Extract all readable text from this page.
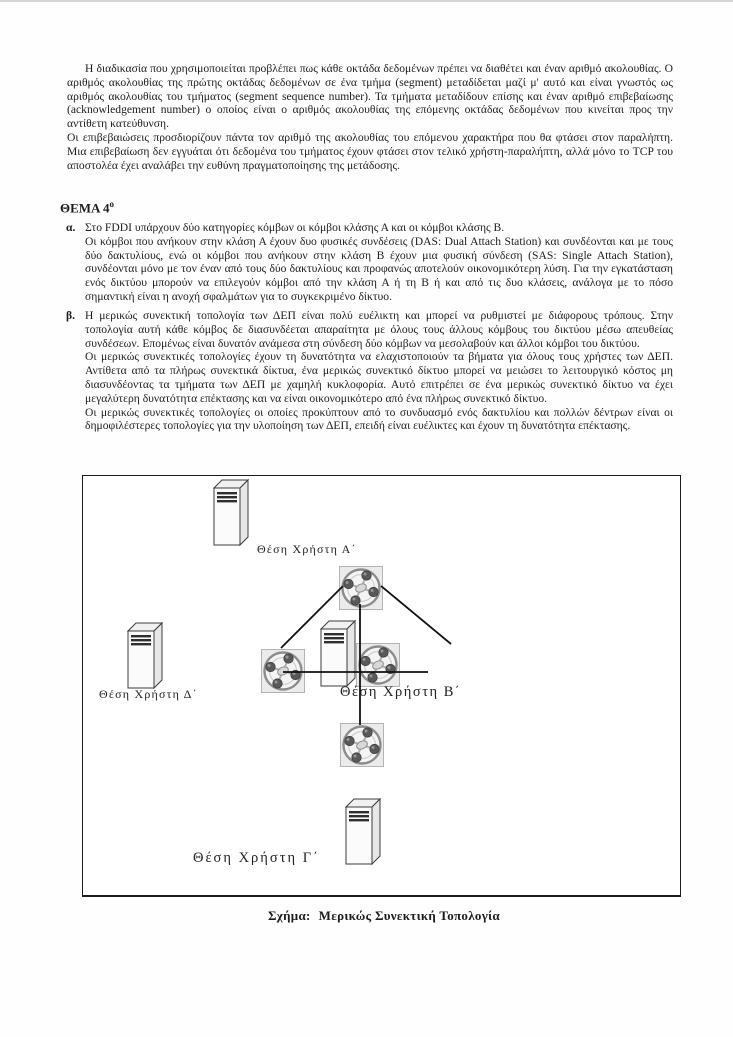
Η διαδικασία που χρησιμοποιείται προβλέπει πως κάθε οκτάδα δεδομένων πρέπει να διαθέτει και έναν αριθμό ακολουθίας. Ο αριθμός ακολουθίας της πρώτης οκτάδας δεδομένων σε ένα τμήμα (segment) μεταδίδεται μαζί μ' αυτό και είναι γνωστός ως αριθμός ακολουθίας του τμήματος (segment sequence number). Τα τμήματα μεταδίδουν επίσης και έναν αριθμό επιβεβαίωσης (acknowledgement number) ο οποίος είναι ο αριθμός ακολουθίας της επόμενης οκτάδας δεδομένων που κινείται προς την αντίθετη κατεύθυνση.
Οι επιβεβαιώσεις προσδιορίζουν πάντα τον αριθμό της ακολουθίας του επόμενου χαρακτήρα που θα φτάσει στον παραλήπτη. Μια επιβεβαίωση δεν εγγυάται ότι δεδομένα του τμήματος έχουν φτάσει στον τελικό χρήστη-παραλήπτη, αλλά μόνο το TCP του αποστολέα έχει αναλάβει την ευθύνη πραγματοποίησης της μετάδοσης.
ΘΕΜΑ $4^o$
α. Στο FDDI υπάρχουν δύο κατηγορίες κόμβων οι κόμβοι κλάσης Α και οι κόμβοι κλάσης Β.
Οι κόμβοι που ανήκουν στην κλάση Α έχουν δυο φυσικές συνδέσεις (DAS: Dual Attach Station) και συνδέονται και με τους δύο δακτυλίους, ενώ οι κόμβοι που ανήκουν στην κλάση Β έχουν μια φυσική σύνδεση (SAS: Single Attach Station), συνδέονται μόνο με τον έναν από τους δύο δακτυλίους και προφανώς αποτελούν οικονομικότερη λύση. Για την εγκατάσταση ενός δικτύου μπορούν να επιλεγούν κόμβοι από την κλάση Α ή τη Β ή και από τις δυο κλάσεις, ανάλογα με το πόσο σημαντική είναι η ανοχή σφαλμάτων για το συγκεκριμένο δίκτυο.
β. Η μερικώς συνεκτική τοπολογία των ΔΕΠ είναι πολύ ευέλικτη και μπορεί να ρυθμιστεί με διάφορους τρόπους. Στην τοπολογία αυτή κάθε κόμβος δε διασυνδέεται απαραίτητα με όλους τους άλλους κόμβους του δικτύου μέσω απευθείας συνδέσεων. Επομένως είναι δυνατόν ανάμεσα στη σύνδεση δύο κόμβων να μεσολαβούν και άλλοι κόμβοι του δικτύου.
Οι μερικώς συνεκτικές τοπολογίες έχουν τη δυνατότητα να ελαχιστοποιούν τα βήματα για όλους τους χρήστες των ΔΕΠ. Αντίθετα από τα πλήρως συνεκτικά δίκτυα, ένα μερικώς συνεκτικό δίκτυο μπορεί να μειώσει το λειτουργικό κόστος μη διασυνδέοντας τα τμήματα των ΔΕΠ με χαμηλή κυκλοφορία. Αυτό επιτρέπει σε ένα μερικώς συνεκτικό δίκτυο να έχει μεγαλύτερη δυνατότητα επέκτασης και να είναι οικονομικότερο από ένα πλήρως συνεκτικό δίκτυο.
Οι μερικώς συνεκτικές τοπολογίες οι οποίες προκύπτουν από το συνδυασμό ενός δακτυλίου και πολλών δέντρων είναι οι δημοφιλέστερες τοπολογίες για την υλοποίηση των ΔΕΠ, επειδή είναι ευέλικτες και έχουν τη δυνατότητα επέκτασης.
Θέση Χρήστη Α΄
Θέση Χρήστη Δ΄	Θέση Χρήστη Β΄
Θέση Χρήστη Γ΄
Σχήμα: Μερικώς Συνεκτική Τοπολογία
